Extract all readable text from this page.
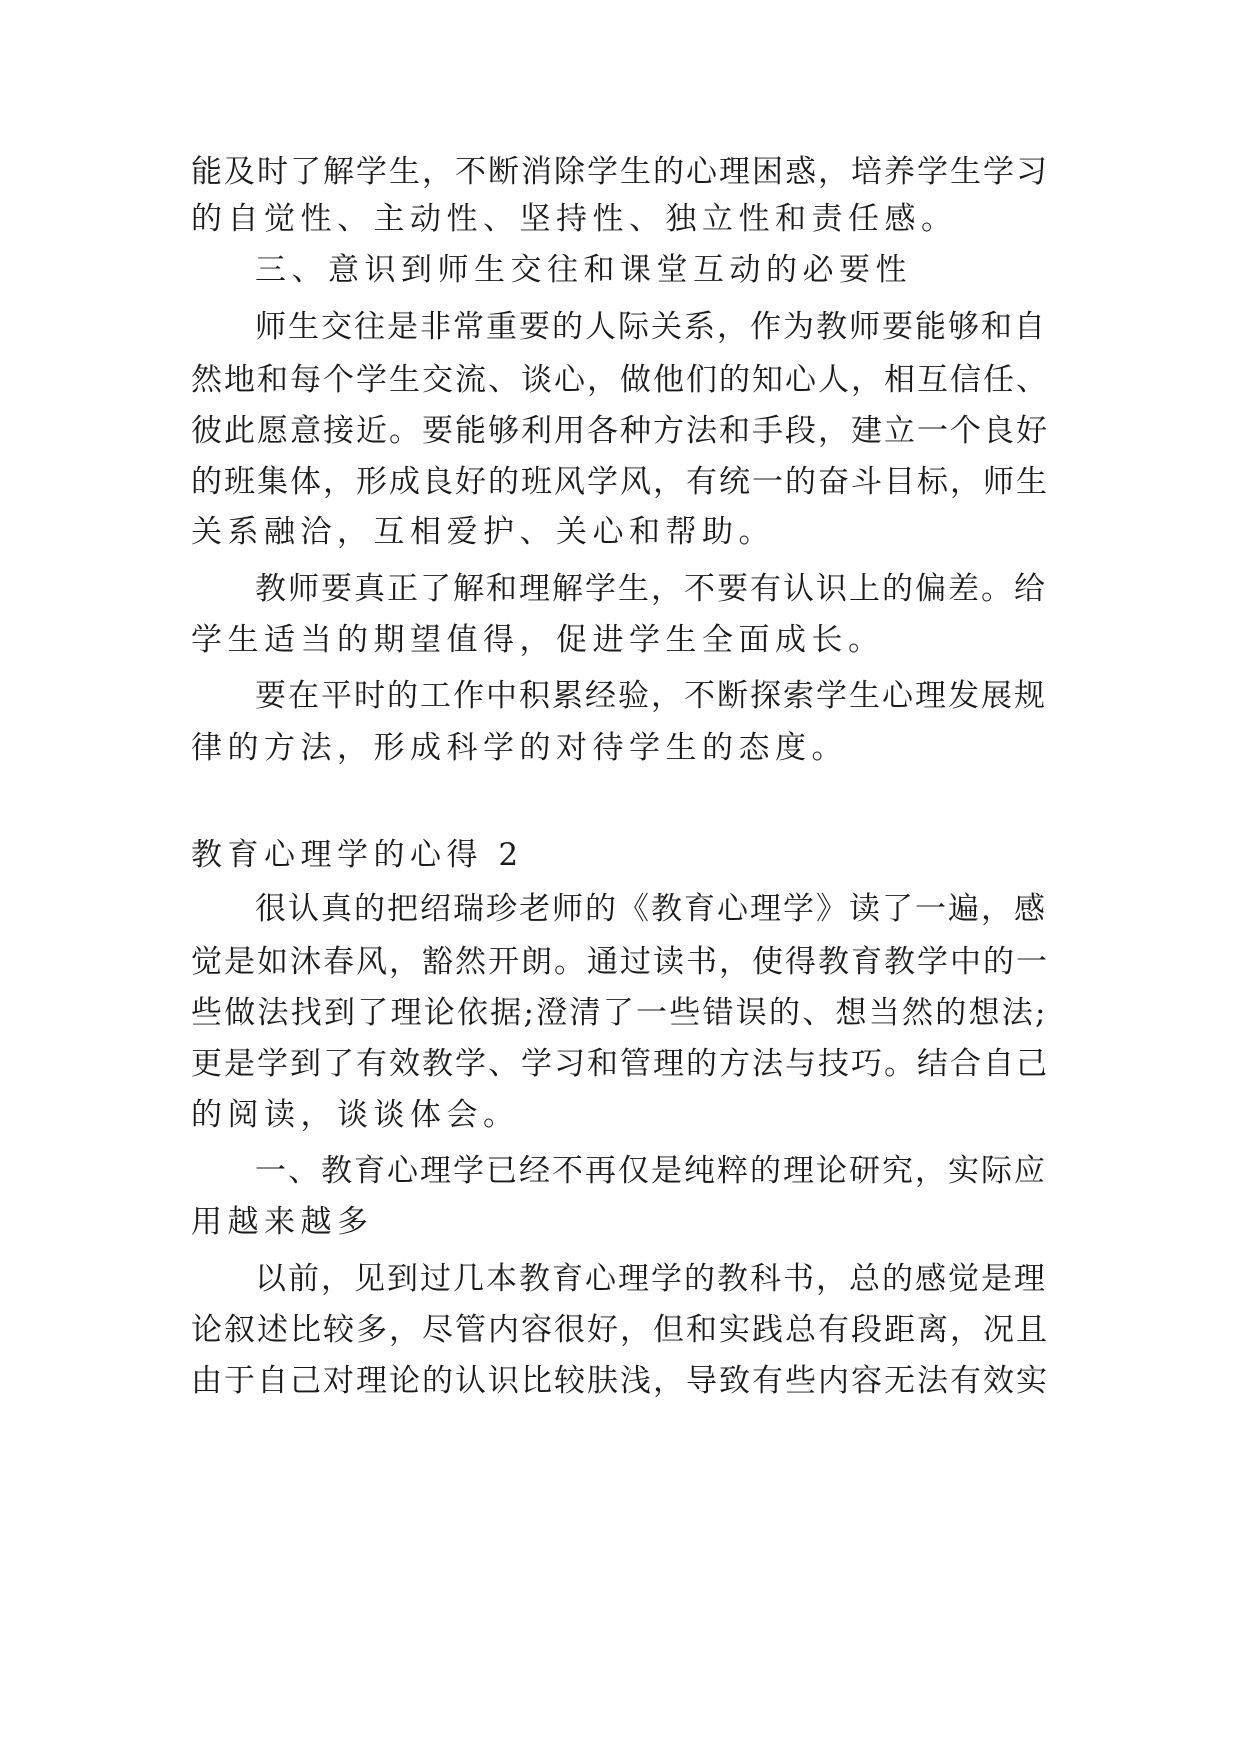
能及时了解学生，不断消除学生的心理困惑，培养学生学习
的自觉性、主动性、坚持性、独立性和责任感。
三、意识到师生交往和课堂互动的必要性
师生交往是非常重要的人际关系，作为教师要能够和自
然地和每个学生交流、谈心，做他们的知心人，相互信任、
彼此愿意接近。要能够利用各种方法和手段，建立一个良好
的班集体，形成良好的班风学风，有统一的奋斗目标，师生
关系融洽，互相爱护、关心和帮助。
教师要真正了解和理解学生，不要有认识上的偏差。给
学生适当的期望值得，促进学生全面成长。
要在平时的工作中积累经验，不断探索学生心理发展规
律的方法，形成科学的对待学生的态度。
教育心理学的心得 2
很认真的把绍瑞珍老师的《教育心理学》读了一遍，感
觉是如沐春风，豁然开朗。通过读书，使得教育教学中的一
些做法找到了理论依据;澄清了一些错误的、想当然的想法;
更是学到了有效教学、学习和管理的方法与技巧。结合自己
的阅读，谈谈体会。
一、教育心理学已经不再仅是纯粹的理论研究，实际应
用越来越多
以前，见到过几本教育心理学的教科书，总的感觉是理
论叙述比较多，尽管内容很好，但和实践总有段距离，况且
由于自己对理论的认识比较肤浅，导致有些内容无法有效实
